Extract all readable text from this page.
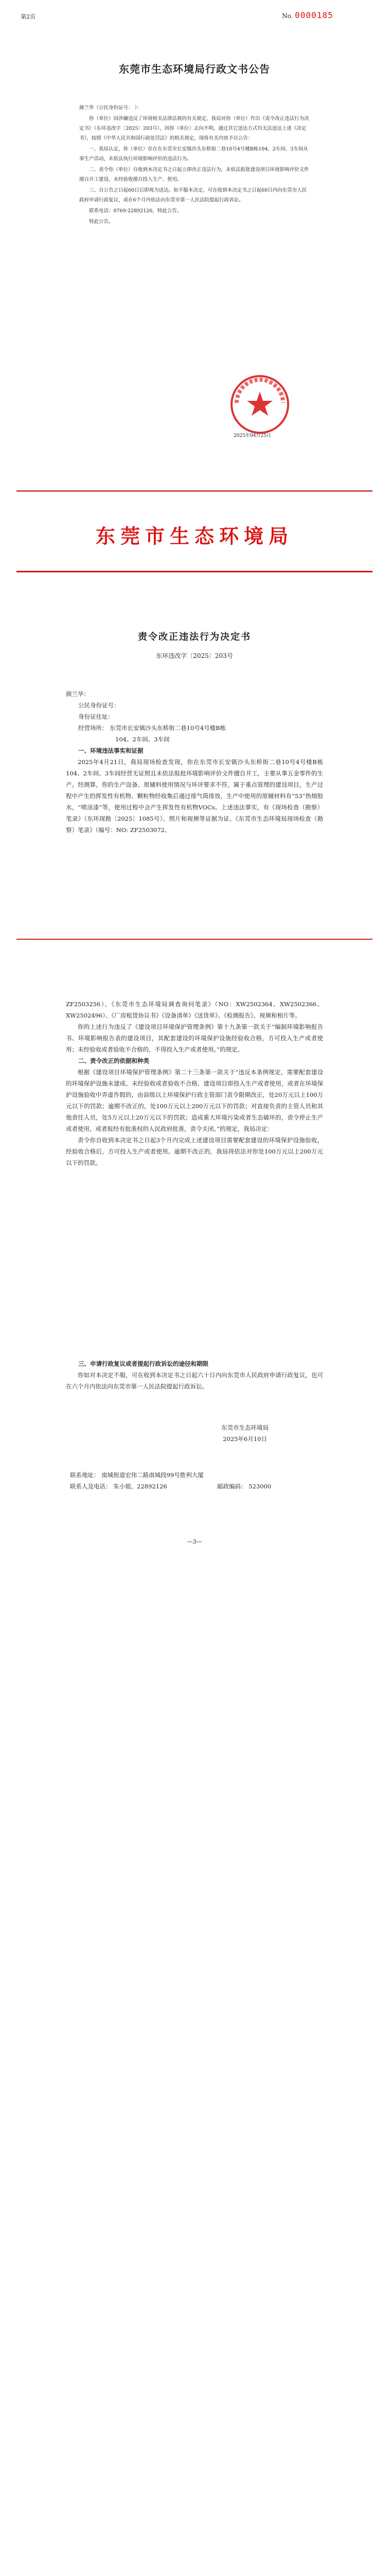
第2页	No. 0000185
东莞市生态环境局行政文书公告

颜兰华（公民身份证号： ）：

　　你（单位）因涉嫌违反了环境相关法律法规的有关规定，我局对你（单位）作出《责令改正违法行为决定书》（东环违改字〔2025〕203号），因你（单位）去向不明，通过其它送达方式均无法送达上述《决定书》，按照《中华人民共和国行政处罚法》的相关规定，现将有关内容予以公告：

　　一、我局认定，你（单位）存在在东莞市长安镇沙头东桥街二巷10号4号楼B栋104、2车间、3车间从事生产活动，未依法执行环境影响评价的违法行为。

　　二、责令你（单位）自收到本决定书之日起立即改正违法行为，未依法报批建设项目环境影响评价文件擅自开工建设，未经验收擅自投入生产、使用。

　　三、自公告之日起60日后即视为送达。如不服本决定，可在收到本决定书之日起60日内向东莞市人民政府申请行政复议，或在6个月内依法向东莞市第一人民法院提起行政诉讼。

　　联系电话：0769-22892126，特此公告。

特此公告。

2025年04月25日
东莞市生态环境局
责令改正违法行为决定书
东环违改字〔2025〕203号
颜兰华：
公民身份证号：
身份证住址：
经营场所： 东莞市长安镇沙头东桥街二巷10号4号楼B栋
104、2车间、3车间
一、环境违法事实和证据

2025年4月21日，我局现场检查发现，你在东莞市长安镇沙头东桥街二巷10号4号楼B栋104、2车间、3车间经营无证照且未依法报批环境影响评价文件擅自开工，主要从事五金零件的生产。经测算，你的生产设备、原辅料使用情况与环评要求不符，属于重点管理的建设项目，生产过程中产生的挥发性有机物、颗粒物经收集后通过排气筒排放，生产中使用的原辅材料有“53”热熔胶水，“喷涂漆”等，使用过程中会产生挥发性有机物VOCs。上述违法事实，有《现场检查（勘察）笔录》（东环现勘〔2025〕1085号）、照片和视频等证据为证。《东莞市生态环境局现场检查（勘察）笔录》（编号：NO: ZF2503072、

ZF2503256）、《东莞市生态环境局调查询问笔录》（NO：XW2502364、XW2502366、XW2502496）、《厂房租赁协议书》《设备清单》《送货单》、《检测报告》、视频和相片等。

你的上述行为违反了《建设项目环境保护管理条例》第十九条第一款关于“编制环境影响报告书、环境影响报告表的建设项目，其配套建设的环境保护设施经验收合格，方可投入生产或者使用；未经验收或者验收不合格的，不得投入生产或者使用。”的规定。

二、责令改正的依据和种类

根据《建设项目环境保护管理条例》第二十三条第一款关于“违反本条例规定，需要配套建设的环境保护设施未建成、未经验收或者验收不合格，建设项目即投入生产或者使用，或者在环境保护设施验收中弄虚作假的，由县级以上环境保护行政主管部门责令限期改正，处20万元以上100万元以下的罚款；逾期不改正的，处100万元以上200万元以下的罚款；对直接负责的主管人员和其他责任人员，处5万元以上20万元以下的罚款；造成重大环境污染或者生态破坏的，责令停止生产或者使用，或者报经有批准权的人民政府批准，责令关闭。”的规定，我局决定：

责令你自收到本决定书之日起3个月内完成上述建设项目需要配套建设的环境保护设施验收，经验收合格后，方可投入生产或者使用。逾期不改正的，我局将依法对你处100万元以上200万元以下的罚款。

三、申请行政复议或者提起行政诉讼的途径和期限

你如对本决定不服，可在收到本决定书之日起六十日内向东莞市人民政府申请行政复议，也可在六个月内依法向东莞市第一人民法院提起行政诉讼。

东莞市生态环境局
2025年6月10日
联系地址： 南城街道宏伟二路南城段99号胜利大厦
联系人及电话： 朱小姐、22892126	邮政编码： 523000
—3—
